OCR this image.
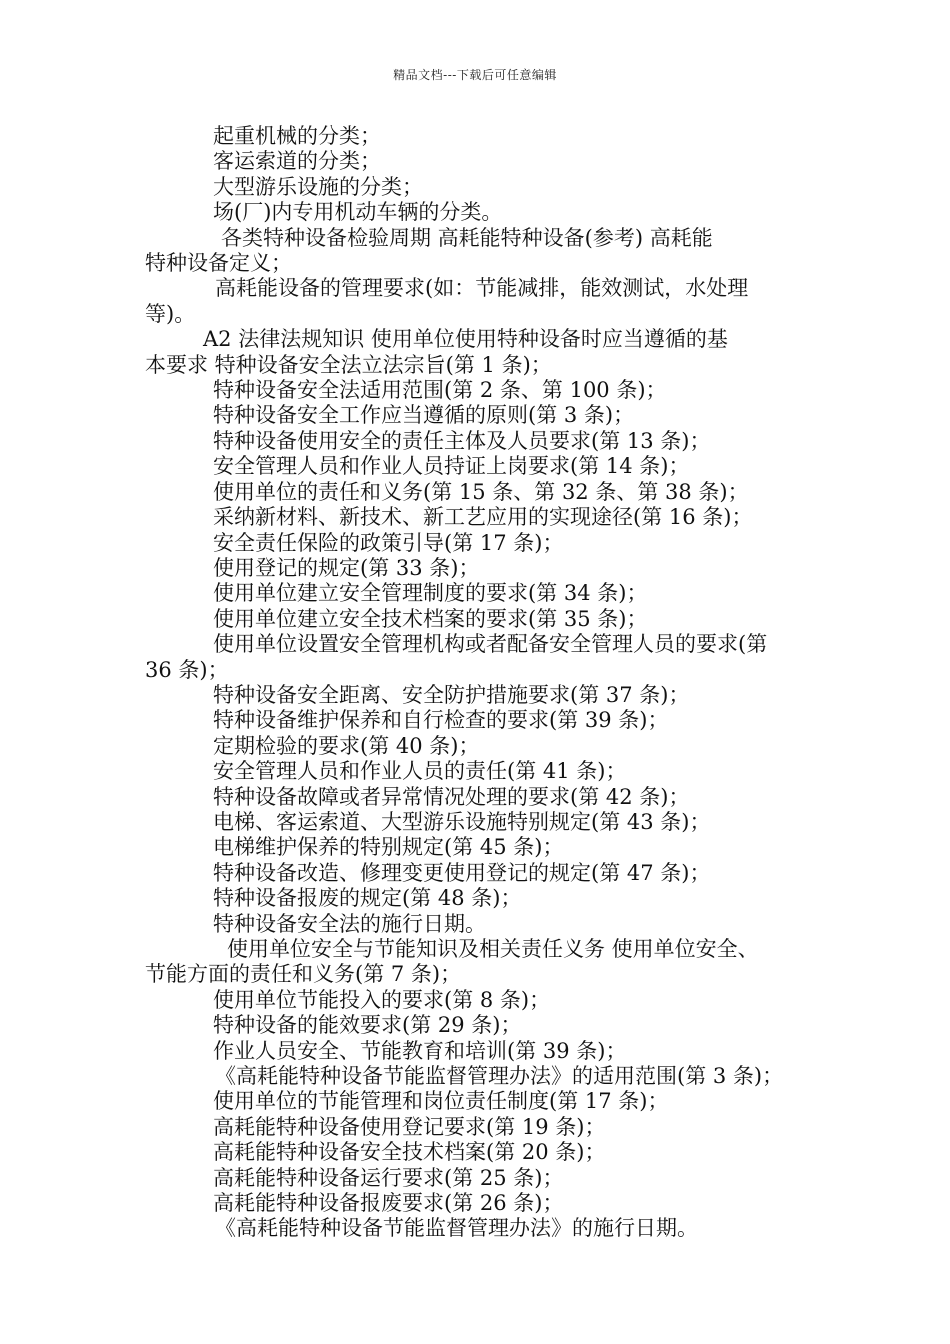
精品文档---下载后可任意编辑
起重机械的分类；
客运索道的分类；
大型游乐设施的分类；
场(厂)内专用机动车辆的分类。
各类特种设备检验周期 高耗能特种设备(参考) 高耗能
特种设备定义；
高耗能设备的管理要求(如：节能减排，能效测试，水处理
等)。
A2 法律法规知识 使用单位使用特种设备时应当遵循的基
本要求 特种设备安全法立法宗旨(第 1 条)；
特种设备安全法适用范围(第 2 条、第 100 条)；
特种设备安全工作应当遵循的原则(第 3 条)；
特种设备使用安全的责任主体及人员要求(第 13 条)；
安全管理人员和作业人员持证上岗要求(第 14 条)；
使用单位的责任和义务(第 15 条、第 32 条、第 38 条)；
采纳新材料、新技术、新工艺应用的实现途径(第 16 条)；
安全责任保险的政策引导(第 17 条)；
使用登记的规定(第 33 条)；
使用单位建立安全管理制度的要求(第 34 条)；
使用单位建立安全技术档案的要求(第 35 条)；
使用单位设置安全管理机构或者配备安全管理人员的要求(第
36 条)；
特种设备安全距离、安全防护措施要求(第 37 条)；
特种设备维护保养和自行检查的要求(第 39 条)；
定期检验的要求(第 40 条)；
安全管理人员和作业人员的责任(第 41 条)；
特种设备故障或者异常情况处理的要求(第 42 条)；
电梯、客运索道、大型游乐设施特别规定(第 43 条)；
电梯维护保养的特别规定(第 45 条)；
特种设备改造、修理变更使用登记的规定(第 47 条)；
特种设备报废的规定(第 48 条)；
特种设备安全法的施行日期。
使用单位安全与节能知识及相关责任义务 使用单位安全、
节能方面的责任和义务(第 7 条)；
使用单位节能投入的要求(第 8 条)；
特种设备的能效要求(第 29 条)；
作业人员安全、节能教育和培训(第 39 条)；
《高耗能特种设备节能监督管理办法》的适用范围(第 3 条)；
使用单位的节能管理和岗位责任制度(第 17 条)；
高耗能特种设备使用登记要求(第 19 条)；
高耗能特种设备安全技术档案(第 20 条)；
高耗能特种设备运行要求(第 25 条)；
高耗能特种设备报废要求(第 26 条)；
《高耗能特种设备节能监督管理办法》的施行日期。
